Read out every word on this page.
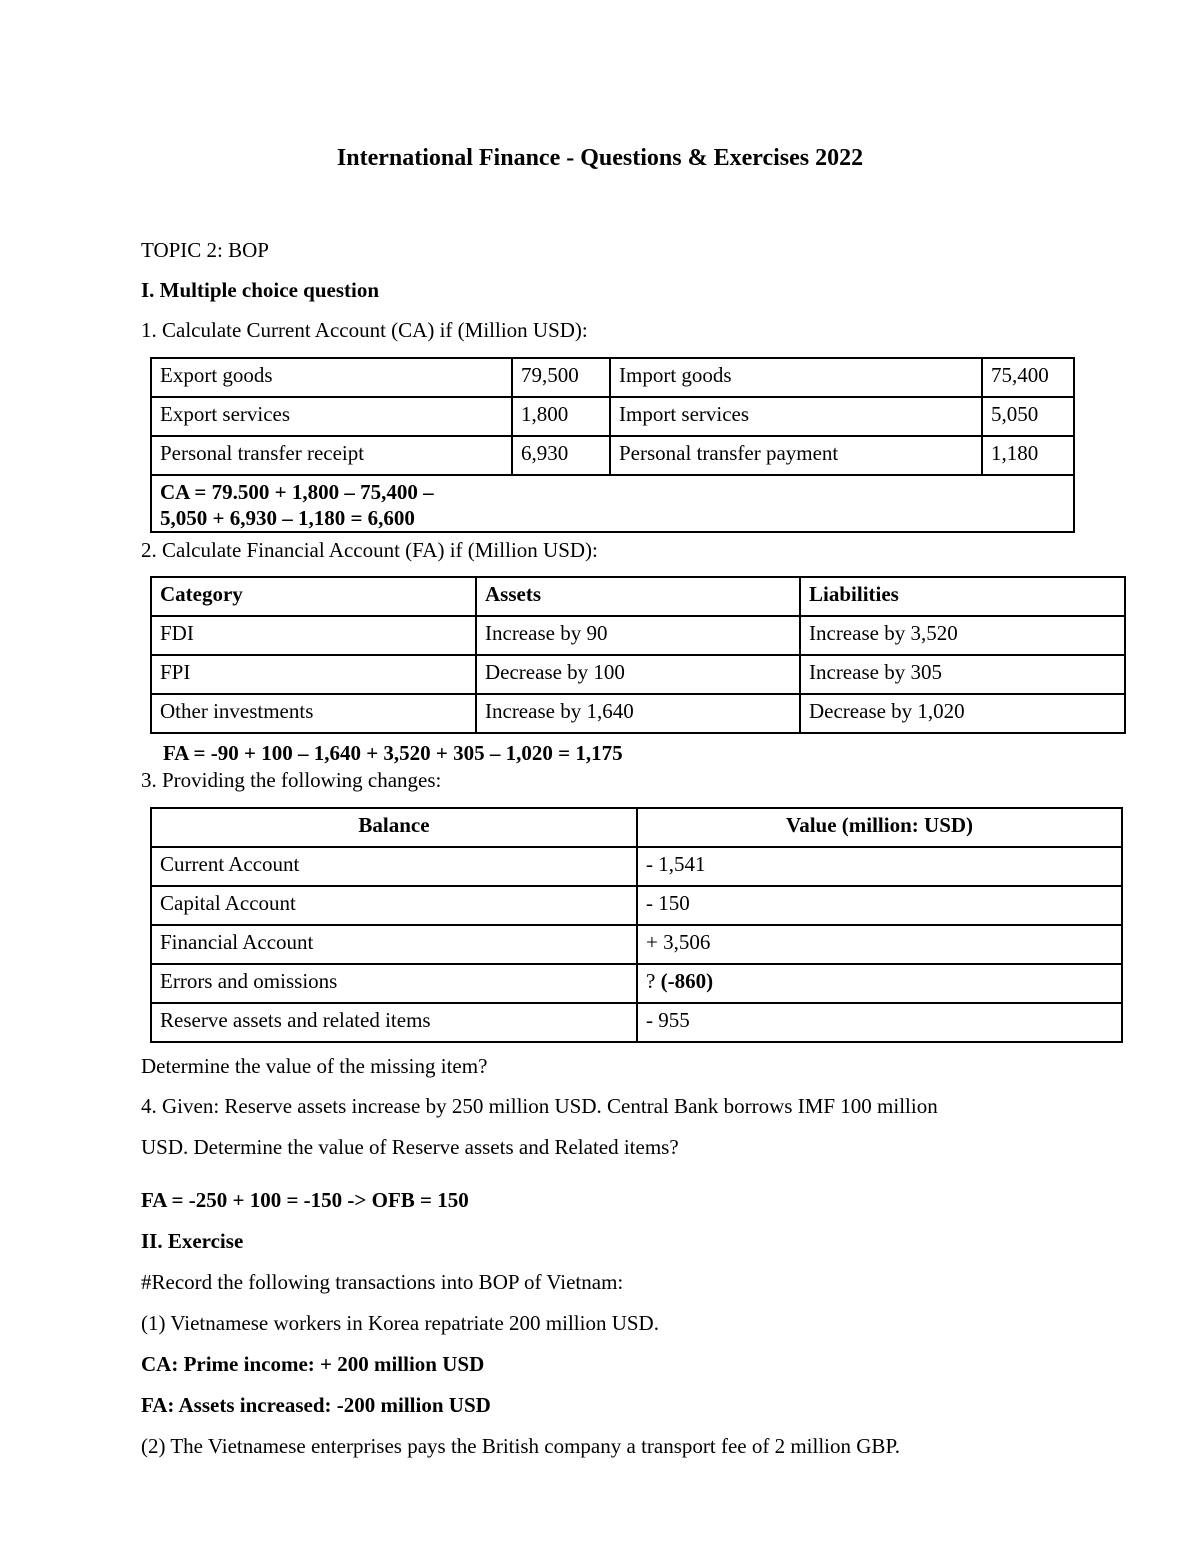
International Finance - Questions & Exercises 2022
TOPIC 2: BOP
I. Multiple choice question
1. Calculate Current Account (CA) if (Million USD):
Export goods	79,500	Import goods	75,400
Export services	1,800	Import services	5,050
Personal transfer receipt	6,930	Personal transfer payment	1,180

CA = 79.500 + 1,800 – 75,400 –
5,050 + 6,930 – 1,180 = 6,600			
2. Calculate Financial Account (FA) if (Million USD):
Category	Assets	Liabilities
FDI	Increase by 90	Increase by 3,520
FPI	Decrease by 100	Increase by 305
Other investments	Increase by 1,640	Decrease by 1,020
FA = -90 + 100 – 1,640 + 3,520 + 305 – 1,020 = 1,175
3. Providing the following changes:
Balance	Value (million: USD)
Current Account	- 1,541
Capital Account	- 150
Financial Account	+ 3,506
Errors and omissions	? (-860)
Reserve assets and related items	- 955
Determine the value of the missing item?
4. Given: Reserve assets increase by 250 million USD. Central Bank borrows IMF 100 million
USD. Determine the value of Reserve assets and Related items?
FA = -250 + 100 = -150 -> OFB = 150
II. Exercise
#Record the following transactions into BOP of Vietnam:
(1) Vietnamese workers in Korea repatriate 200 million USD.
CA: Prime income: + 200 million USD
FA: Assets increased: -200 million USD
(2) The Vietnamese enterprises pays the British company a transport fee of 2 million GBP.
